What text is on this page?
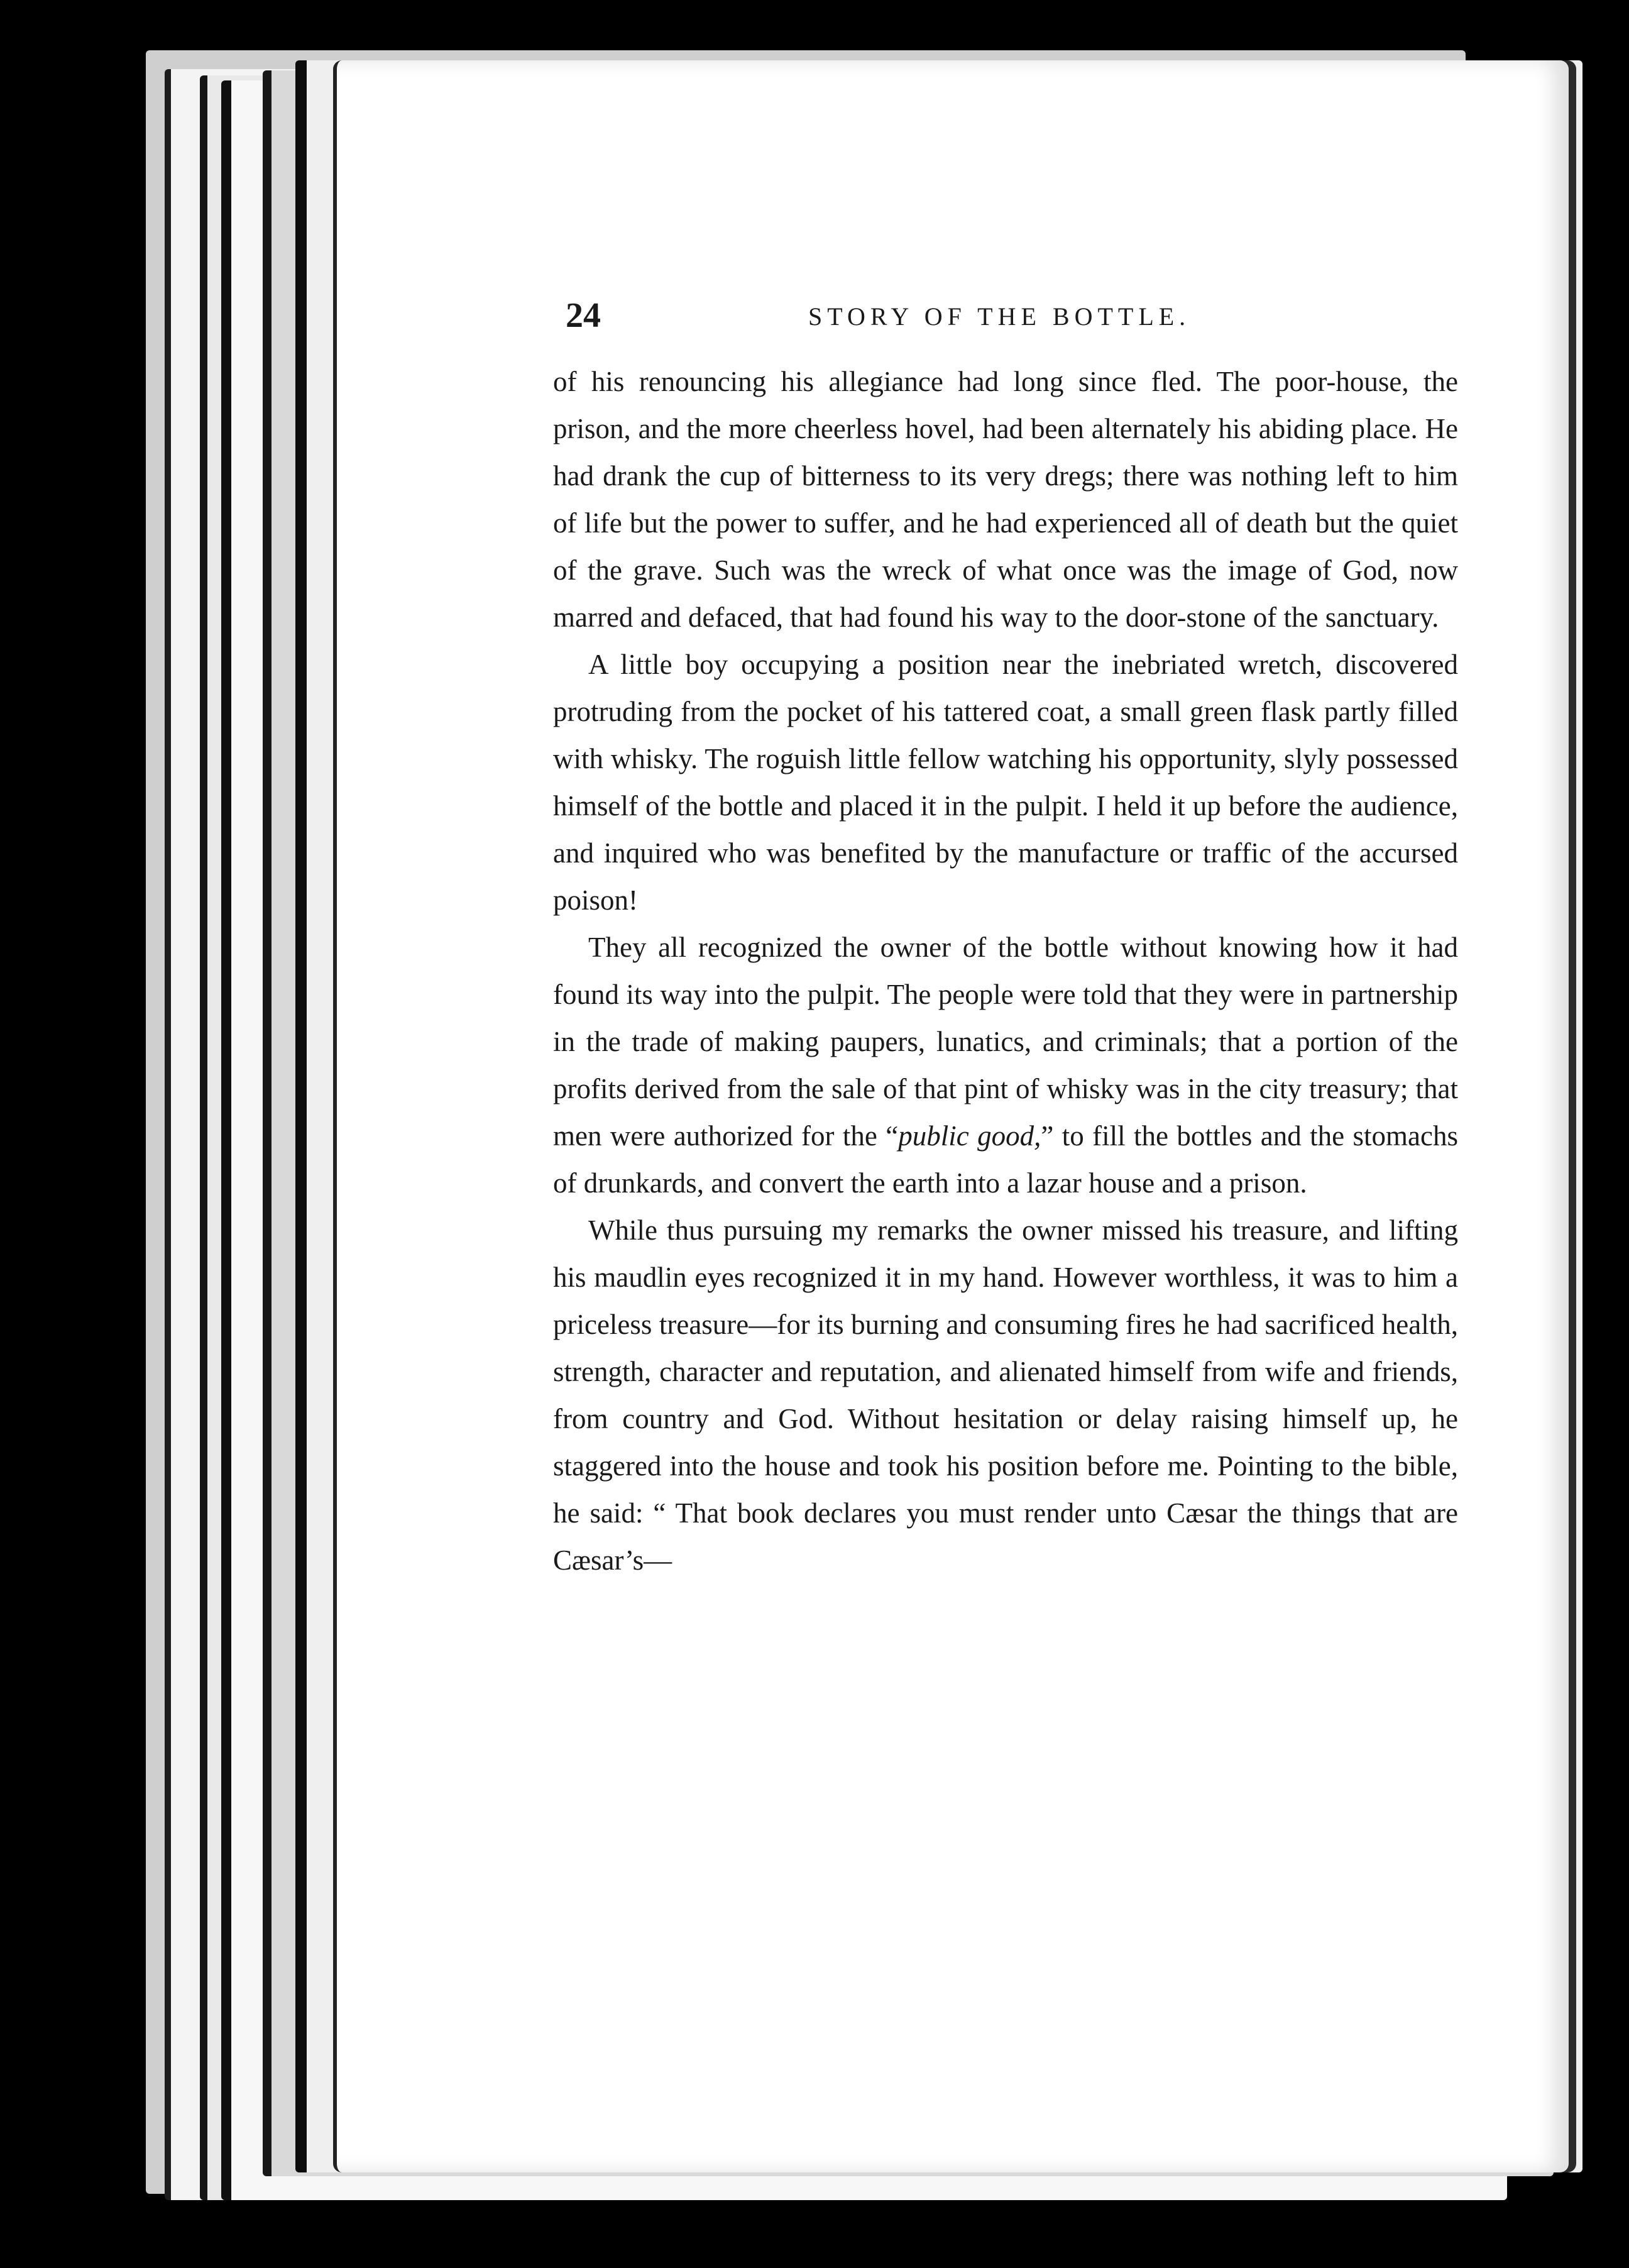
24	STORY OF THE BOTTLE.

of his renouncing his allegiance had long since fled. The poor-house, the prison, and the more cheerless hovel, had been alternately his abiding place. He had drank the cup of bitterness to its very dregs; there was nothing left to him of life but the power to suffer, and he had experienced all of death but the quiet of the grave. Such was the wreck of what once was the image of God, now marred and defaced, that had found his way to the door-stone of the sanctuary.

A little boy occupying a position near the inebriated wretch, discovered protruding from the pocket of his tattered coat, a small green flask partly filled with whisky. The roguish little fellow watching his opportunity, slyly possessed himself of the bottle and placed it in the pulpit. I held it up before the audience, and inquired who was benefited by the manufacture or traffic of the accursed poison!

They all recognized the owner of the bottle without knowing how it had found its way into the pulpit. The people were told that they were in partnership in the trade of making paupers, lunatics, and criminals; that a portion of the profits derived from the sale of that pint of whisky was in the city treasury; that men were authorized for the “public good,” to fill the bottles and the stomachs of drunkards, and convert the earth into a lazar house and a prison.

While thus pursuing my remarks the owner missed his treasure, and lifting his maudlin eyes recognized it in my hand. However worthless, it was to him a priceless treasure—for its burning and consuming fires he had sacrificed health, strength, character and reputation, and alienated himself from wife and friends, from country and God. Without hesitation or delay raising himself up, he staggered into the house and took his position before me. Pointing to the bible, he said: “ That book declares you must render unto Cæsar the things that are Cæsar’s—
